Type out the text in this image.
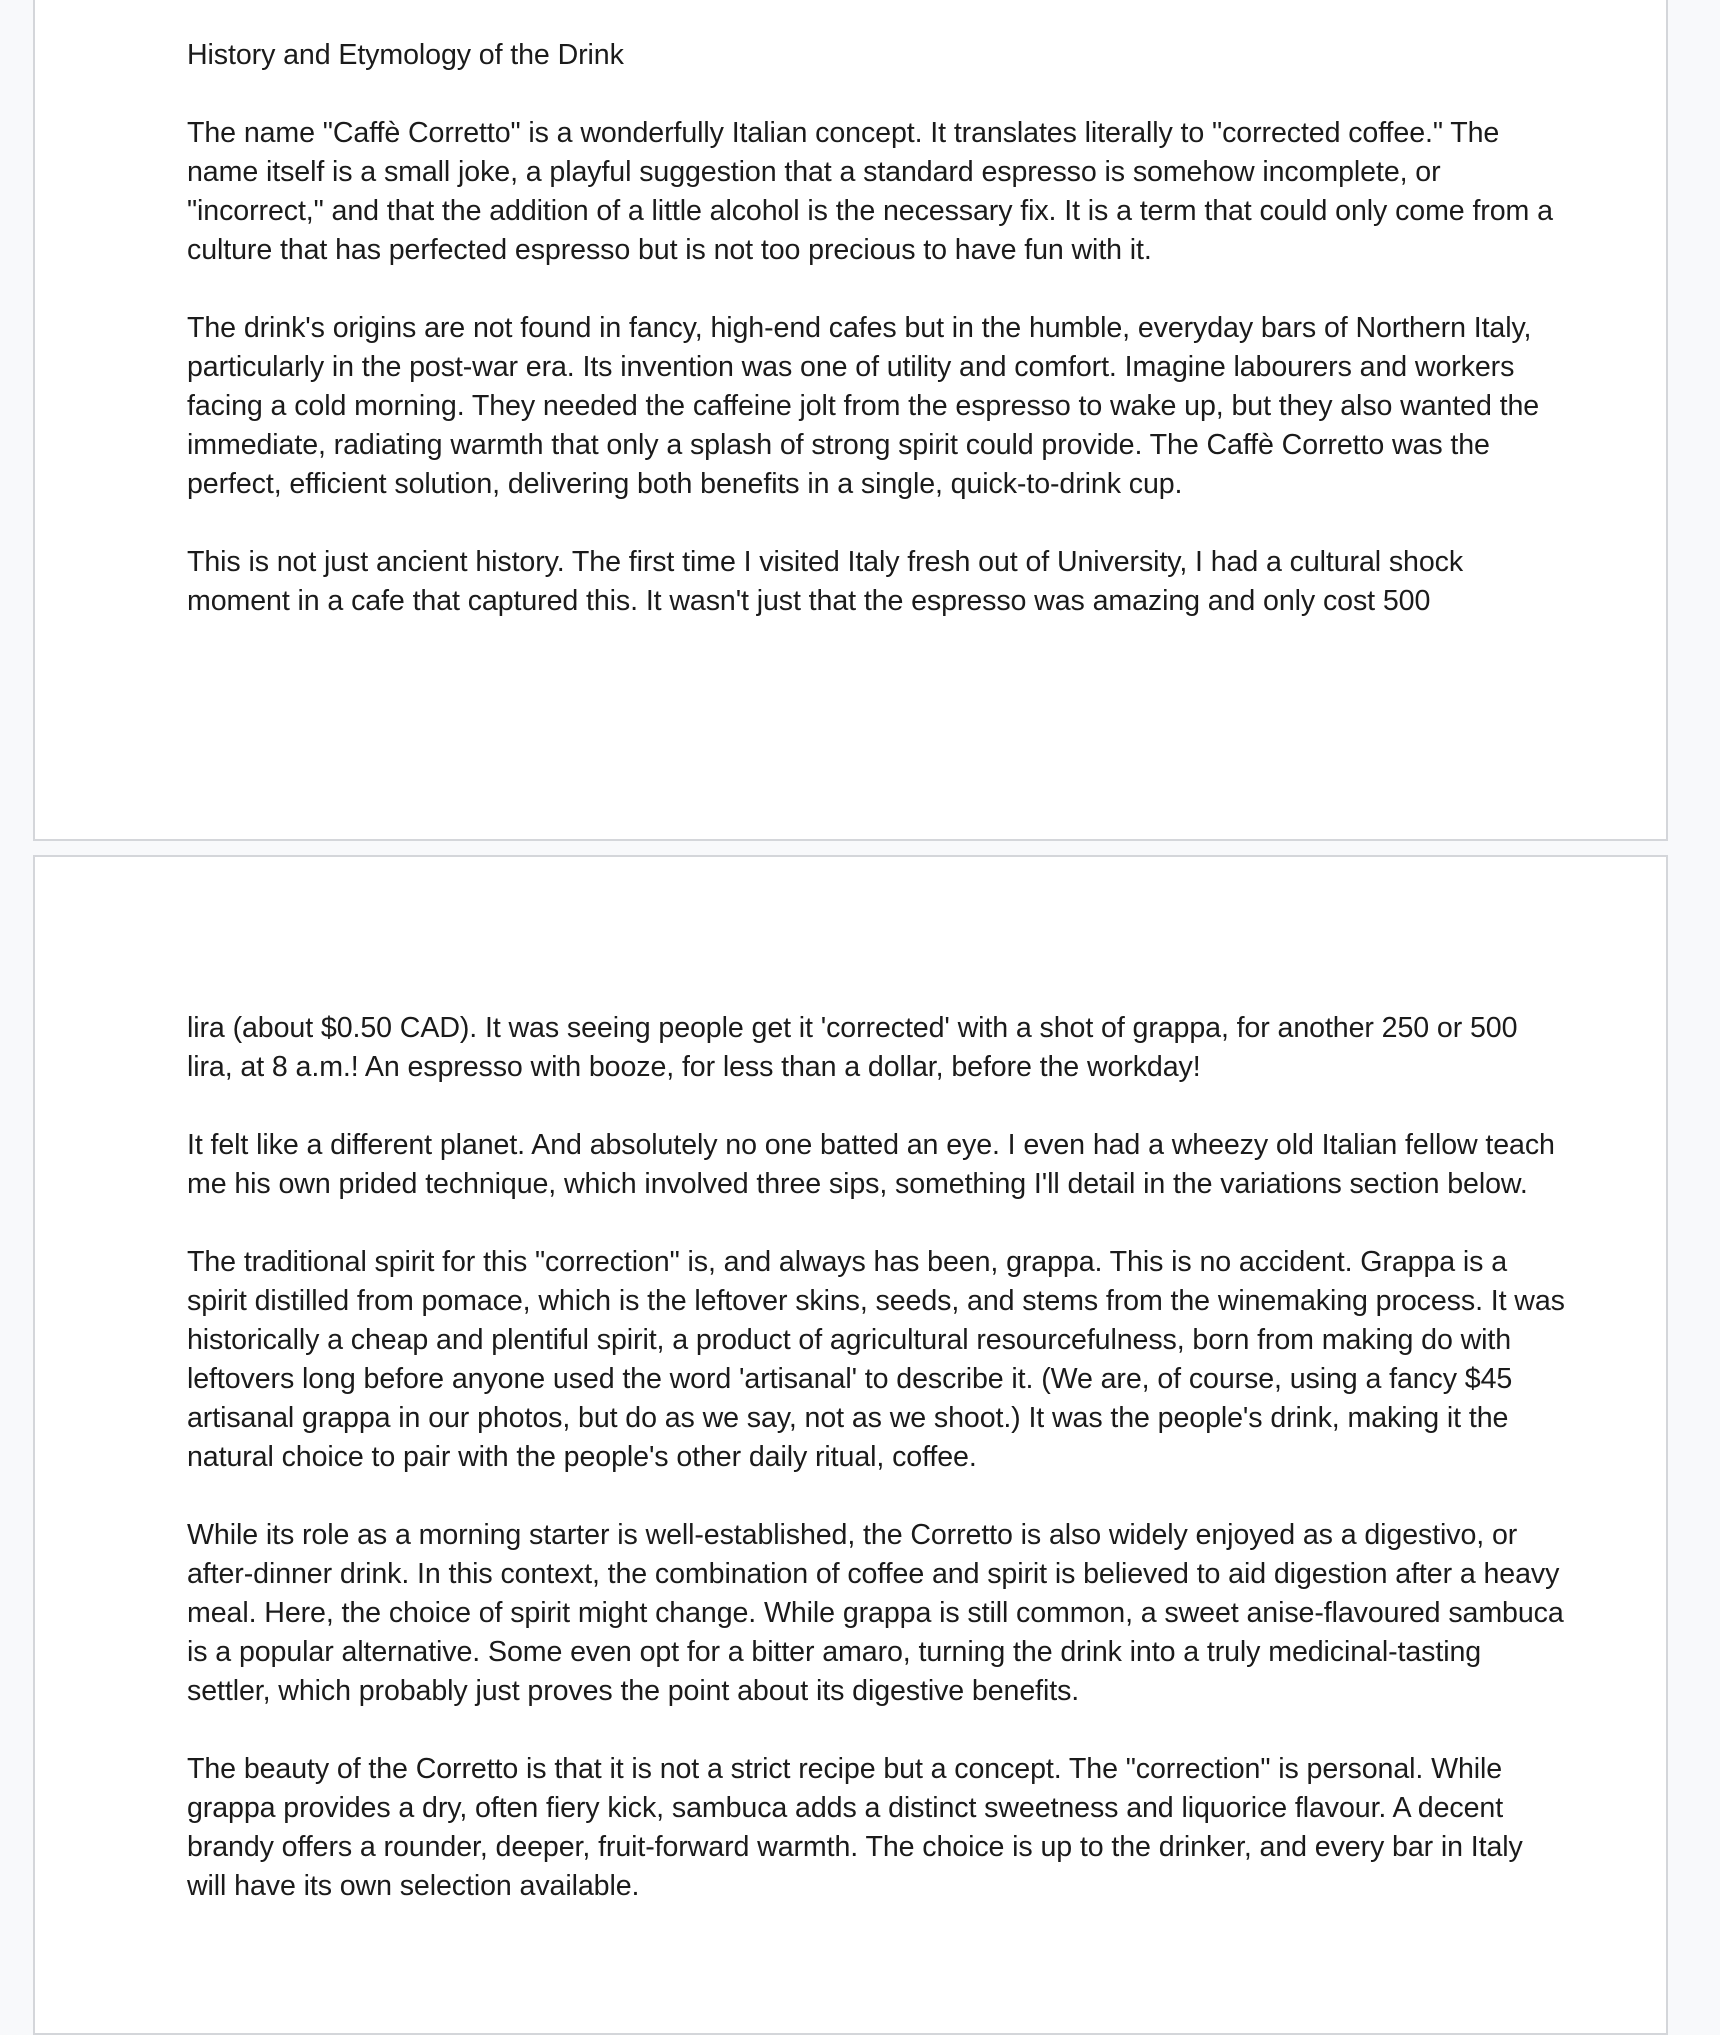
History and Etymology of the Drink

The name "Caffè Corretto" is a wonderfully Italian concept. It translates literally to "corrected coffee." The name itself is a small joke, a playful suggestion that a standard espresso is somehow incomplete, or "incorrect," and that the addition of a little alcohol is the necessary fix. It is a term that could only come from a culture that has perfected espresso but is not too precious to have fun with it.

The drink's origins are not found in fancy, high-end cafes but in the humble, everyday bars of Northern Italy, particularly in the post-war era. Its invention was one of utility and comfort. Imagine labourers and workers facing a cold morning. They needed the caffeine jolt from the espresso to wake up, but they also wanted the immediate, radiating warmth that only a splash of strong spirit could provide. The Caffè Corretto was the perfect, efficient solution, delivering both benefits in a single, quick-to-drink cup.

This is not just ancient history. The first time I visited Italy fresh out of University, I had a cultural shock moment in a cafe that captured this. It wasn't just that the espresso was amazing and only cost 500

lira (about $0.50 CAD). It was seeing people get it 'corrected' with a shot of grappa, for another 250 or 500 lira, at 8 a.m.! An espresso with booze, for less than a dollar, before the workday!

It felt like a different planet. And absolutely no one batted an eye. I even had a wheezy old Italian fellow teach me his own prided technique, which involved three sips, something I'll detail in the variations section below.

The traditional spirit for this "correction" is, and always has been, grappa. This is no accident. Grappa is a spirit distilled from pomace, which is the leftover skins, seeds, and stems from the winemaking process. It was historically a cheap and plentiful spirit, a product of agricultural resourcefulness, born from making do with leftovers long before anyone used the word 'artisanal' to describe it. (We are, of course, using a fancy $45 artisanal grappa in our photos, but do as we say, not as we shoot.) It was the people's drink, making it the natural choice to pair with the people's other daily ritual, coffee.

While its role as a morning starter is well-established, the Corretto is also widely enjoyed as a digestivo, or after-dinner drink. In this context, the combination of coffee and spirit is believed to aid digestion after a heavy meal. Here, the choice of spirit might change. While grappa is still common, a sweet anise-flavoured sambuca is a popular alternative. Some even opt for a bitter amaro, turning the drink into a truly medicinal-tasting settler, which probably just proves the point about its digestive benefits.

The beauty of the Corretto is that it is not a strict recipe but a concept. The "correction" is personal. While grappa provides a dry, often fiery kick, sambuca adds a distinct sweetness and liquorice flavour. A decent brandy offers a rounder, deeper, fruit-forward warmth. The choice is up to the drinker, and every bar in Italy will have its own selection available.
